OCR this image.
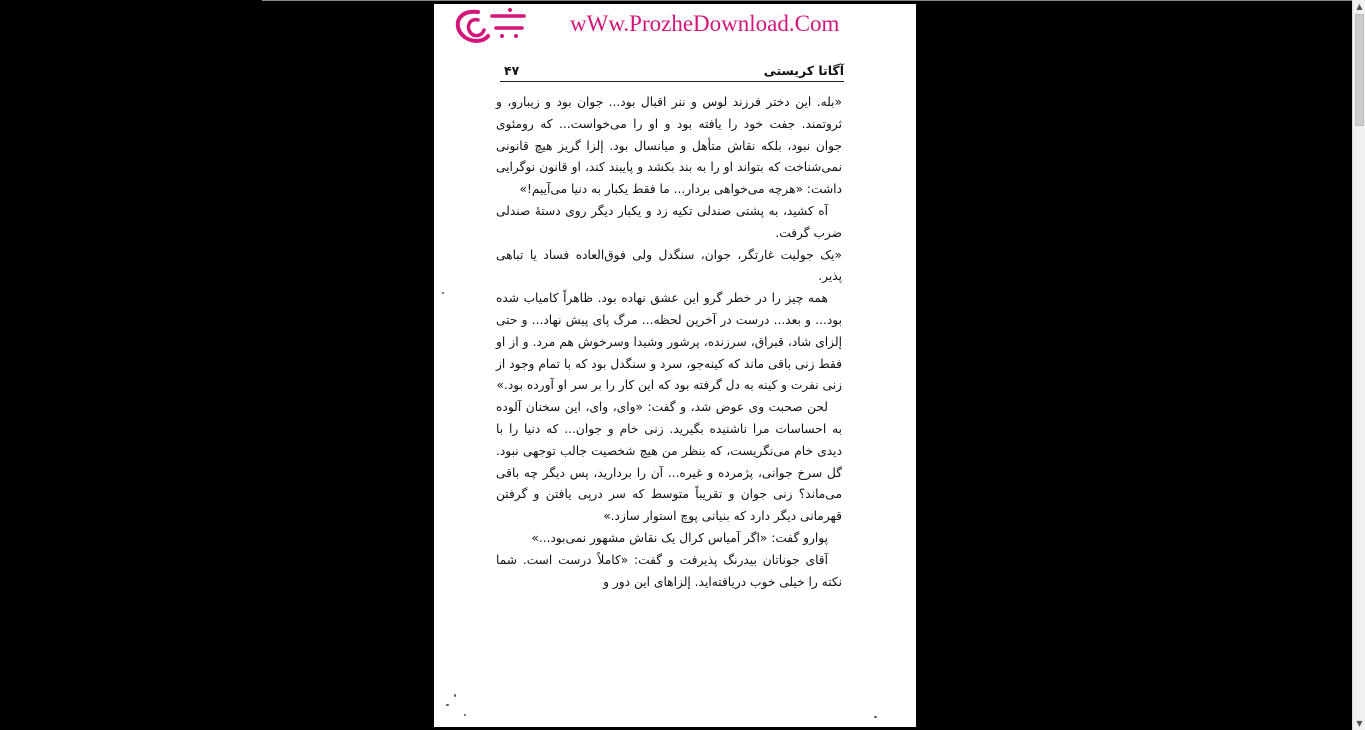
wWw.ProzheDownload.Com
آگاتا کریستی
۴۷

«بله. این دختر فرزند لوس و ننر اقبال بود... جوان بود و زیبارو، و ثروتمند. جفت خود را یافته بود و او را می‌خواست... که رومئوی جوان نبود، بلکه نقاش متأهل و میانسال بود. إلزا گریز هیچ قانونی نمی‌شناخت که بتواند او را به بند بکشد و پایبند کند، او قانون نوگرایی داشت: «هرچه می‌خواهی بردار... ما فقط یکبار به دنیا می‌آییم!»

آه کشید، به پشتی صندلی تکیه زد و یکبار دیگر روی دستهٔ صندلی ضرب گرفت.

«یک جولیت غارتگر، جوان، سنگدل ولی فوق‌العاده فساد یا تباهی پذیر.

همه چیز را در خطر گرو این عشق نهاده بود. ظاهراً کامیاب شده بود... و بعد... درست در آخرین لحظه... مرگ پای پیش نهاد... و حتی إلزای شاد، قبراق، سرزنده، پرشور وشیدا وسرخوش هم مرد. و از او فقط زنی باقی ماند که کینه‌جو، سرد و سنگدل بود که با تمام وجود از زنی نفرت و کینه به دل گرفته بود که این کار را بر سر او آورده بود.»

لحن صحبت وی عوض شد، و گفت: «وای، وای، این سخنان آلوده به احساسات مرا ناشنیده بگیرید. زنی خام و جوان... که دنیا را با دیدی خام می‌نگریست، که بنظر من هیچ شخصیت جالب توجهی نبود. گل سرخ جوانی، پژمرده و غیره... آن را بردارید، پس دیگر چه باقی می‌ماند؟ زنی جوان و تقریباً متوسط که سر درپی یافتن و گرفتن قهرمانی دیگر دارد که بنیانی پوچ استوار سازد.»

پوارو گفت: «اگر آمیاس کرال یک نقاش مشهور نمی‌بود...»

آقای جوناتان بیدرنگ پذیرفت و گفت: «کاملاً درست است. شما نکته را خیلی خوب دریافته‌اید. إلزاهای این دور و

▲
▼
